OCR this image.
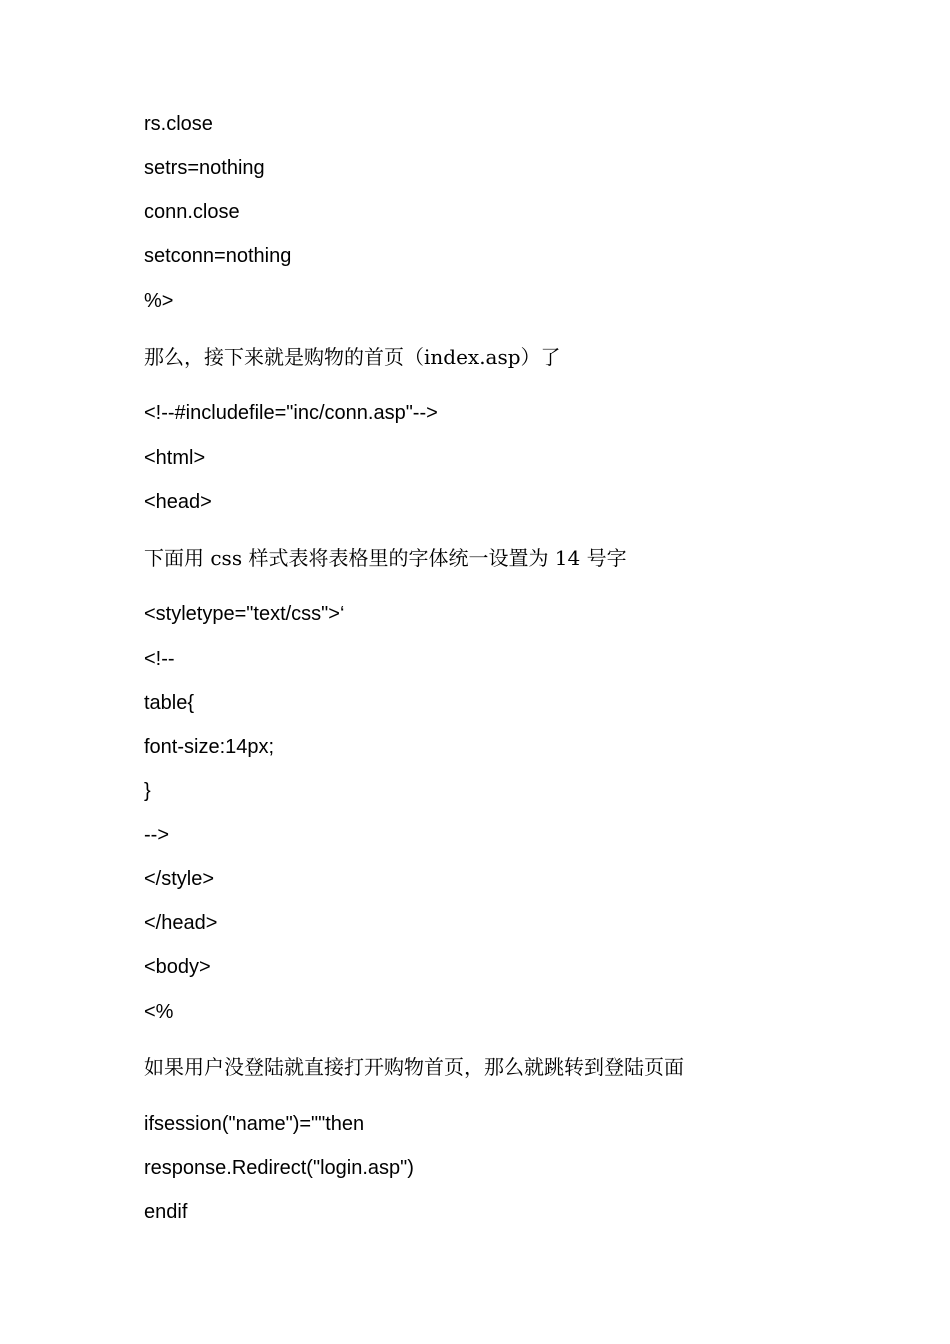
rs.close
setrs=nothing
conn.close
setconn=nothing
%>
那么，接下来就是购物的首页（index.asp）了
<!--#includefile="inc/conn.asp"-->
<html>
<head>
下面用 css 样式表将表格里的字体统一设置为 14 号字
<styletype="text/css">‘
<!--
table{
font-size:14px;
}
-->
</style>
</head>
<body>
<%
如果用户没登陆就直接打开购物首页，那么就跳转到登陆页面
ifsession("name")=""then
response.Redirect("login.asp")
endif
